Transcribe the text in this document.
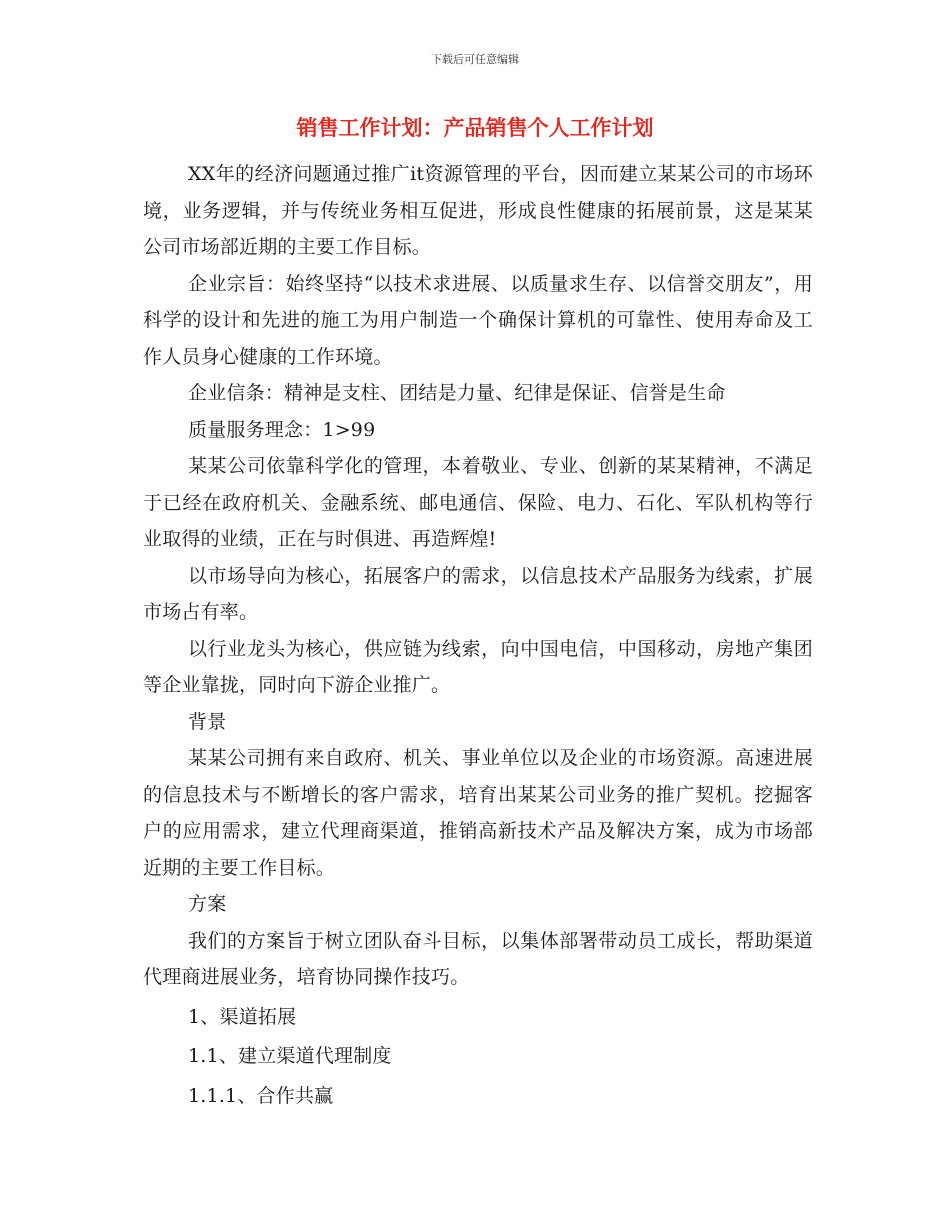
下载后可任意编辑
销售工作计划：产品销售个人工作计划

XX年的经济问题通过推广it资源管理的平台，因而建立某某公司的市场环境，业务逻辑，并与传统业务相互促进，形成良性健康的拓展前景，这是某某公司市场部近期的主要工作目标。

企业宗旨：始终坚持“以技术求进展、以质量求生存、以信誉交朋友”，用科学的设计和先进的施工为用户制造一个确保计算机的可靠性、使用寿命及工作人员身心健康的工作环境。

企业信条：精神是支柱、团结是力量、纪律是保证、信誉是生命

质量服务理念：1>99

某某公司依靠科学化的管理，本着敬业、专业、创新的某某精神，不满足于已经在政府机关、金融系统、邮电通信、保险、电力、石化、军队机构等行业取得的业绩，正在与时俱进、再造辉煌!

以市场导向为核心，拓展客户的需求，以信息技术产品服务为线索，扩展市场占有率。

以行业龙头为核心，供应链为线索，向中国电信，中国移动，房地产集团等企业靠拢，同时向下游企业推广。

背景

某某公司拥有来自政府、机关、事业单位以及企业的市场资源。高速进展的信息技术与不断增长的客户需求，培育出某某公司业务的推广契机。挖掘客户的应用需求，建立代理商渠道，推销高新技术产品及解决方案，成为市场部近期的主要工作目标。

方案

我们的方案旨于树立团队奋斗目标，以集体部署带动员工成长，帮助渠道代理商进展业务，培育协同操作技巧。

1、渠道拓展

1.1、建立渠道代理制度

1.1.1、合作共赢
